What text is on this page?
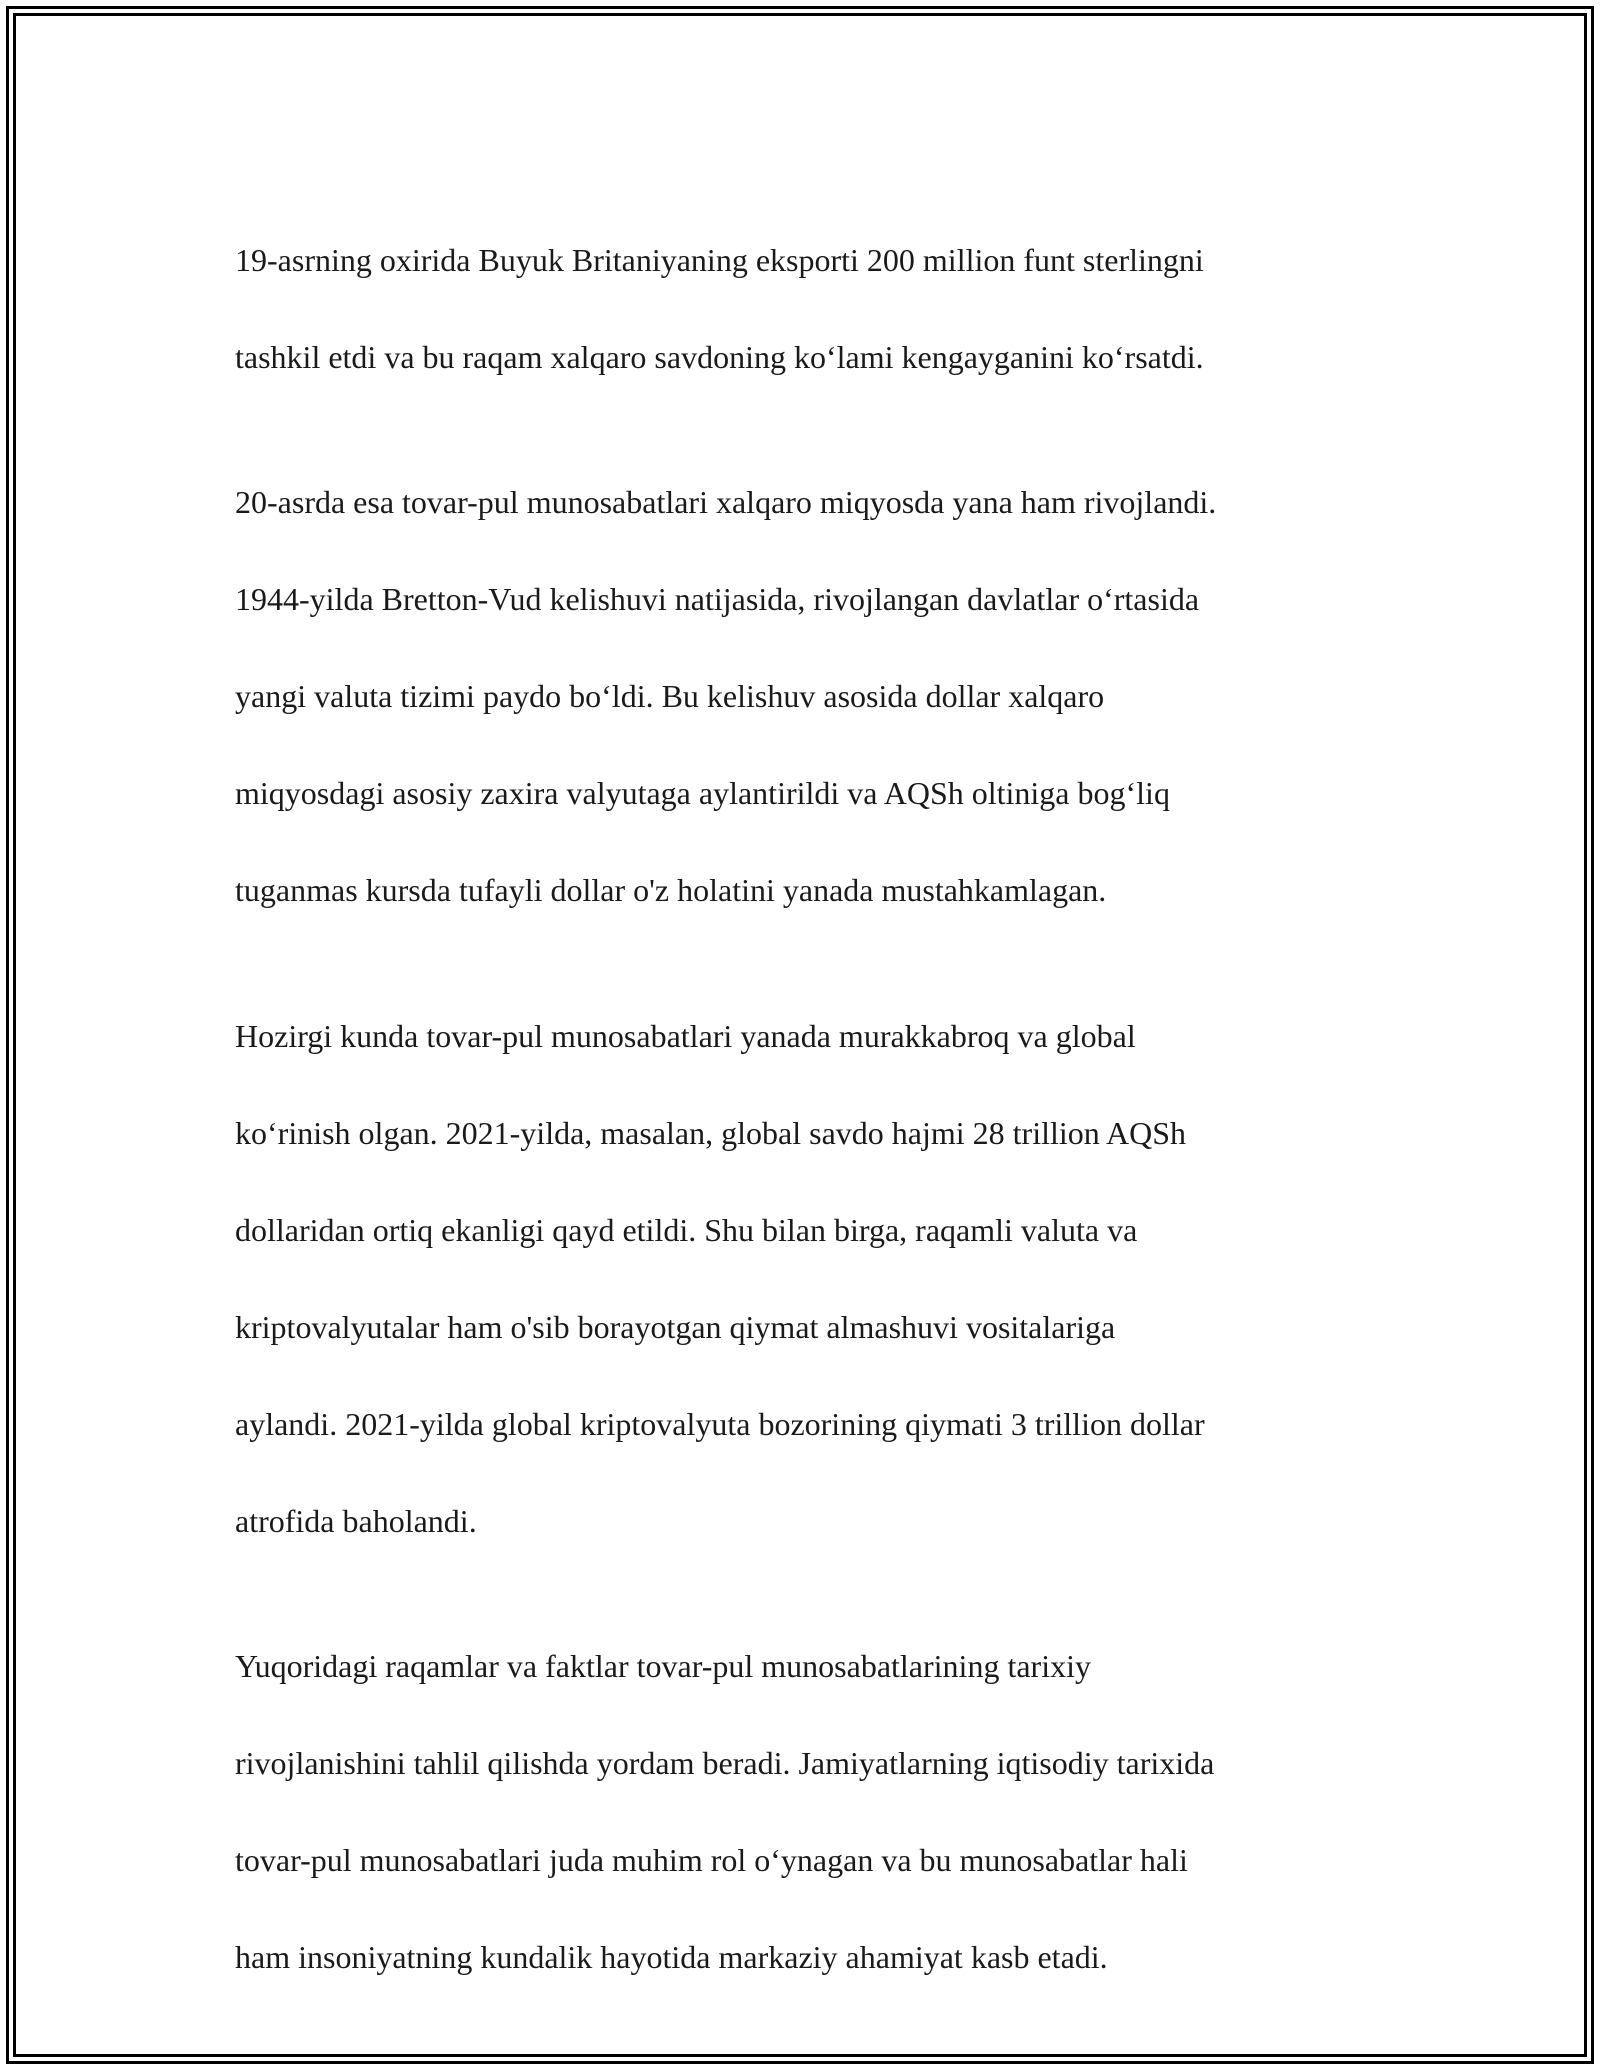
19-asrning oxirida Buyuk Britaniyaning eksporti 200 million funt sterlingni

tashkil etdi va bu raqam xalqaro savdoning ko‘lami kengayganini ko‘rsatdi.

20-asrda esa tovar-pul munosabatlari xalqaro miqyosda yana ham rivojlandi.

1944-yilda Bretton-Vud kelishuvi natijasida, rivojlangan davlatlar o‘rtasida

yangi valuta tizimi paydo bo‘ldi. Bu kelishuv asosida dollar xalqaro

miqyosdagi asosiy zaxira valyutaga aylantirildi va AQSh oltiniga bog‘liq

tuganmas kursda tufayli dollar o'z holatini yanada mustahkamlagan.

Hozirgi kunda tovar-pul munosabatlari yanada murakkabroq va global

ko‘rinish olgan. 2021-yilda, masalan, global savdo hajmi 28 trillion AQSh

dollaridan ortiq ekanligi qayd etildi. Shu bilan birga, raqamli valuta va

kriptovalyutalar ham o'sib borayotgan qiymat almashuvi vositalariga

aylandi. 2021-yilda global kriptovalyuta bozorining qiymati 3 trillion dollar

atrofida baholandi.

Yuqoridagi raqamlar va faktlar tovar-pul munosabatlarining tarixiy

rivojlanishini tahlil qilishda yordam beradi. Jamiyatlarning iqtisodiy tarixida

tovar-pul munosabatlari juda muhim rol o‘ynagan va bu munosabatlar hali

ham insoniyatning kundalik hayotida markaziy ahamiyat kasb etadi.
